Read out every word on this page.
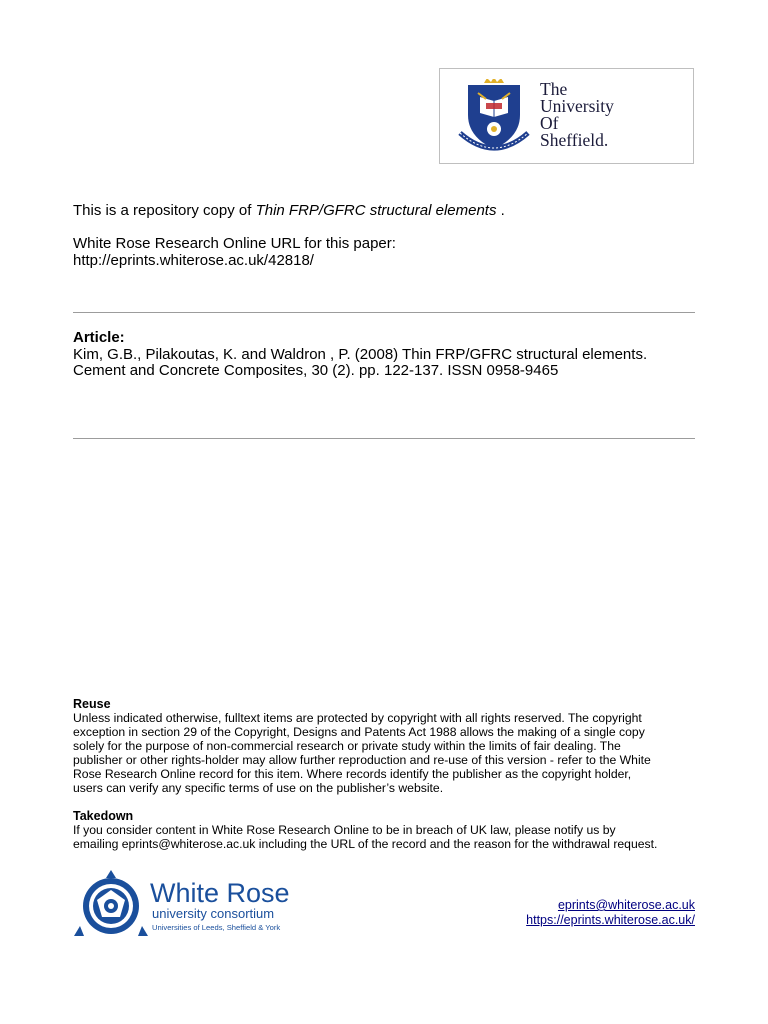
The
University
Of
Sheffield.
This is a repository copy of Thin FRP/GFRC structural elements .
White Rose Research Online URL for this paper:
http://eprints.whiterose.ac.uk/42818/
Article:
Kim, G.B., Pilakoutas, K. and Waldron , P. (2008) Thin FRP/GFRC structural elements.
Cement and Concrete Composites, 30 (2). pp. 122-137. ISSN 0958-9465
Reuse
Unless indicated otherwise, fulltext items are protected by copyright with all rights reserved. The copyright
exception in section 29 of the Copyright, Designs and Patents Act 1988 allows the making of a single copy
solely for the purpose of non-commercial research or private study within the limits of fair dealing. The
publisher or other rights-holder may allow further reproduction and re-use of this version - refer to the White
Rose Research Online record for this item. Where records identify the publisher as the copyright holder,
users can verify any specific terms of use on the publisher’s website.
Takedown
If you consider content in White Rose Research Online to be in breach of UK law, please notify us by
emailing eprints@whiterose.ac.uk including the URL of the record and the reason for the withdrawal request.
White Rose
university consortium
Universities of Leeds, Sheffield & York
eprints@whiterose.ac.uk
https://eprints.whiterose.ac.uk/
